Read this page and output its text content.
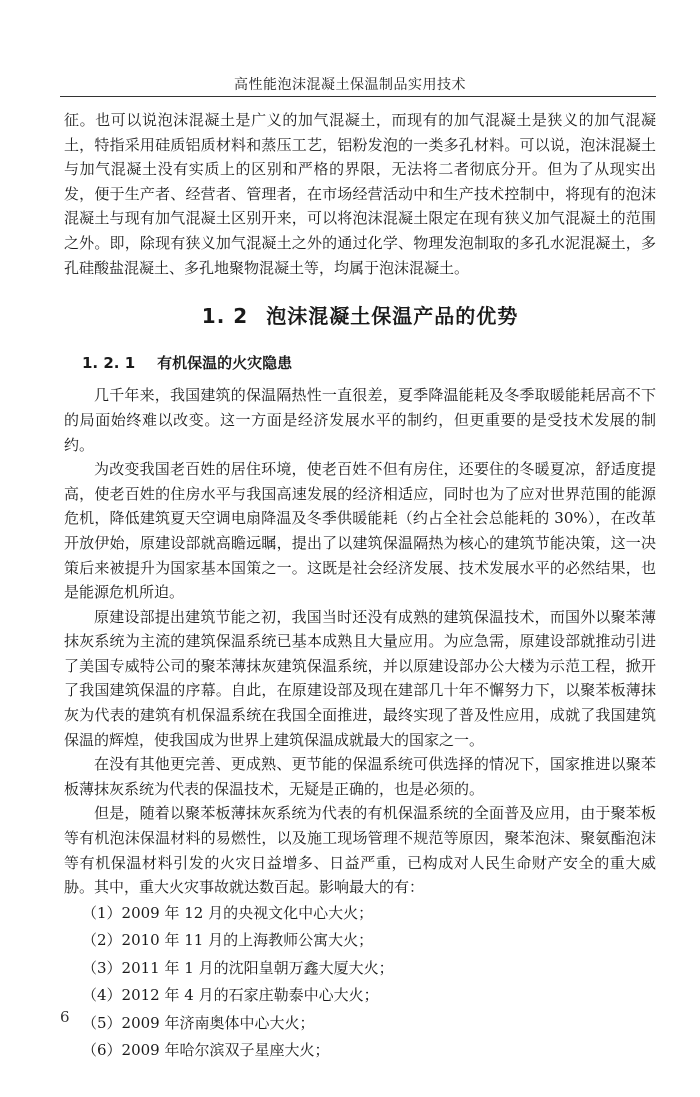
高性能泡沫混凝土保温制品实用技术

征。也可以说泡沫混凝土是广义的加气混凝土，而现有的加气混凝土是狭义的加气混凝土，特指采用硅质铝质材料和蒸压工艺，铝粉发泡的一类多孔材料。可以说，泡沫混凝土与加气混凝土没有实质上的区别和严格的界限，无法将二者彻底分开。但为了从现实出发，便于生产者、经营者、管理者，在市场经营活动中和生产技术控制中，将现有的泡沫混凝土与现有加气混凝土区别开来，可以将泡沫混凝土限定在现有狭义加气混凝土的范围之外。即，除现有狭义加气混凝土之外的通过化学、物理发泡制取的多孔水泥混凝土，多孔硅酸盐混凝土、多孔地聚物混凝土等，均属于泡沫混凝土。

1. 2 泡沫混凝土保温产品的优势
1. 2. 1 有机保温的火灾隐患

几千年来，我国建筑的保温隔热性一直很差，夏季降温能耗及冬季取暖能耗居高不下的局面始终难以改变。这一方面是经济发展水平的制约，但更重要的是受技术发展的制约。

为改变我国老百姓的居住环境，使老百姓不但有房住，还要住的冬暖夏凉，舒适度提高，使老百姓的住房水平与我国高速发展的经济相适应，同时也为了应对世界范围的能源危机，降低建筑夏天空调电扇降温及冬季供暖能耗（约占全社会总能耗的 30%），在改革开放伊始，原建设部就高瞻远瞩，提出了以建筑保温隔热为核心的建筑节能决策，这一决策后来被提升为国家基本国策之一。这既是社会经济发展、技术发展水平的必然结果，也是能源危机所迫。

原建设部提出建筑节能之初，我国当时还没有成熟的建筑保温技术，而国外以聚苯薄抹灰系统为主流的建筑保温系统已基本成熟且大量应用。为应急需，原建设部就推动引进了美国专威特公司的聚苯薄抹灰建筑保温系统，并以原建设部办公大楼为示范工程，掀开了我国建筑保温的序幕。自此，在原建设部及现在建部几十年不懈努力下，以聚苯板薄抹灰为代表的建筑有机保温系统在我国全面推进，最终实现了普及性应用，成就了我国建筑保温的辉煌，使我国成为世界上建筑保温成就最大的国家之一。

在没有其他更完善、更成熟、更节能的保温系统可供选择的情况下，国家推进以聚苯板薄抹灰系统为代表的保温技术，无疑是正确的，也是必须的。

但是，随着以聚苯板薄抹灰系统为代表的有机保温系统的全面普及应用，由于聚苯板等有机泡沫保温材料的易燃性，以及施工现场管理不规范等原因，聚苯泡沫、聚氨酯泡沫等有机保温材料引发的火灾日益增多、日益严重，已构成对人民生命财产安全的重大威胁。其中，重大火灾事故就达数百起。影响最大的有：

（1）2009 年 12 月的央视文化中心大火；
（2）2010 年 11 月的上海教师公寓大火；
（3）2011 年 1 月的沈阳皇朝万鑫大厦大火；
（4）2012 年 4 月的石家庄勒泰中心大火；
（5）2009 年济南奥体中心大火；
（6）2009 年哈尔滨双子星座大火；
6
